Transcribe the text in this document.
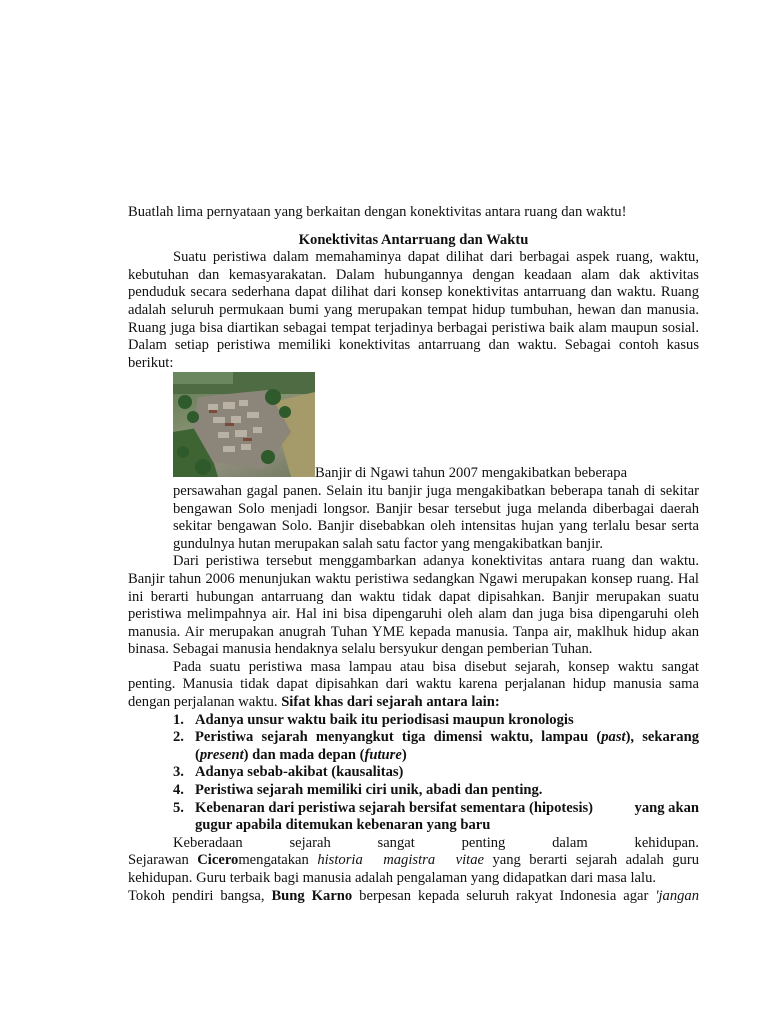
Buatlah lima pernyataan yang berkaitan dengan konektivitas antara ruang dan waktu!

Konektivitas Antarruang dan Waktu

Suatu peristiwa dalam memahaminya dapat dilihat dari berbagai aspek ruang, waktu, kebutuhan dan kemasyarakatan. Dalam hubungannya dengan keadaan alam dak aktivitas penduduk secara sederhana dapat dilihat dari konsep konektivitas antarruang dan waktu. Ruang adalah seluruh permukaan bumi yang merupakan tempat hidup tumbuhan, hewan dan manusia. Ruang juga bisa diartikan sebagai tempat terjadinya berbagai peristiwa baik alam maupun sosial. Dalam setiap peristiwa memiliki konektivitas antarruang dan waktu. Sebagai contoh kasus berikut:

Banjir di Ngawi tahun 2007 mengakibatkan beberapa

persawahan gagal panen. Selain itu banjir juga mengakibatkan beberapa tanah di sekitar bengawan Solo menjadi longsor. Banjir besar tersebut juga melanda diberbagai daerah sekitar bengawan Solo. Banjir disebabkan oleh intensitas hujan yang terlalu besar serta gundulnya hutan merupakan salah satu factor yang mengakibatkan banjir.

Dari peristiwa tersebut menggambarkan adanya konektivitas antara ruang dan waktu. Banjir tahun 2006 menunjukan waktu peristiwa sedangkan Ngawi merupakan konsep ruang. Hal ini berarti hubungan antarruang dan waktu tidak dapat dipisahkan. Banjir merupakan suatu peristiwa melimpahnya air. Hal ini bisa dipengaruhi oleh alam dan juga bisa dipengaruhi oleh manusia. Air merupakan anugrah Tuhan YME kepada manusia. Tanpa air, maklhuk hidup akan binasa. Sebagai manusia hendaknya selalu bersyukur dengan pemberian Tuhan.

Pada suatu peristiwa masa lampau atau bisa disebut sejarah, konsep waktu sangat penting. Manusia tidak dapat dipisahkan dari waktu karena perjalanan hidup manusia sama dengan perjalanan waktu. Sifat khas dari sejarah antara lain:

1. Adanya unsur waktu baik itu periodisasi maupun kronologis
2. Peristiwa sejarah menyangkut tiga dimensi waktu, lampau (past), sekarang (present) dan mada depan (future)
3. Adanya sebab-akibat (kausalitas)
4. Peristiwa sejarah memiliki ciri unik, abadi dan penting.
5. Kebenaran dari peristiwa sejarah bersifat sementara (hipotesis)	yang akan
gugur apabila ditemukan kebenaran yang baru
Keberadaan	sejarah	sangat	penting	dalam	kehidupan.

Sejarawan Ciceromengatakan historia magistra vitae yang berarti sejarah adalah guru

kehidupan. Guru terbaik bagi manusia adalah pengalaman yang didapatkan dari masa lalu.

Tokoh pendiri bangsa, Bung Karno berpesan kepada seluruh rakyat Indonesia agar 'jangan
